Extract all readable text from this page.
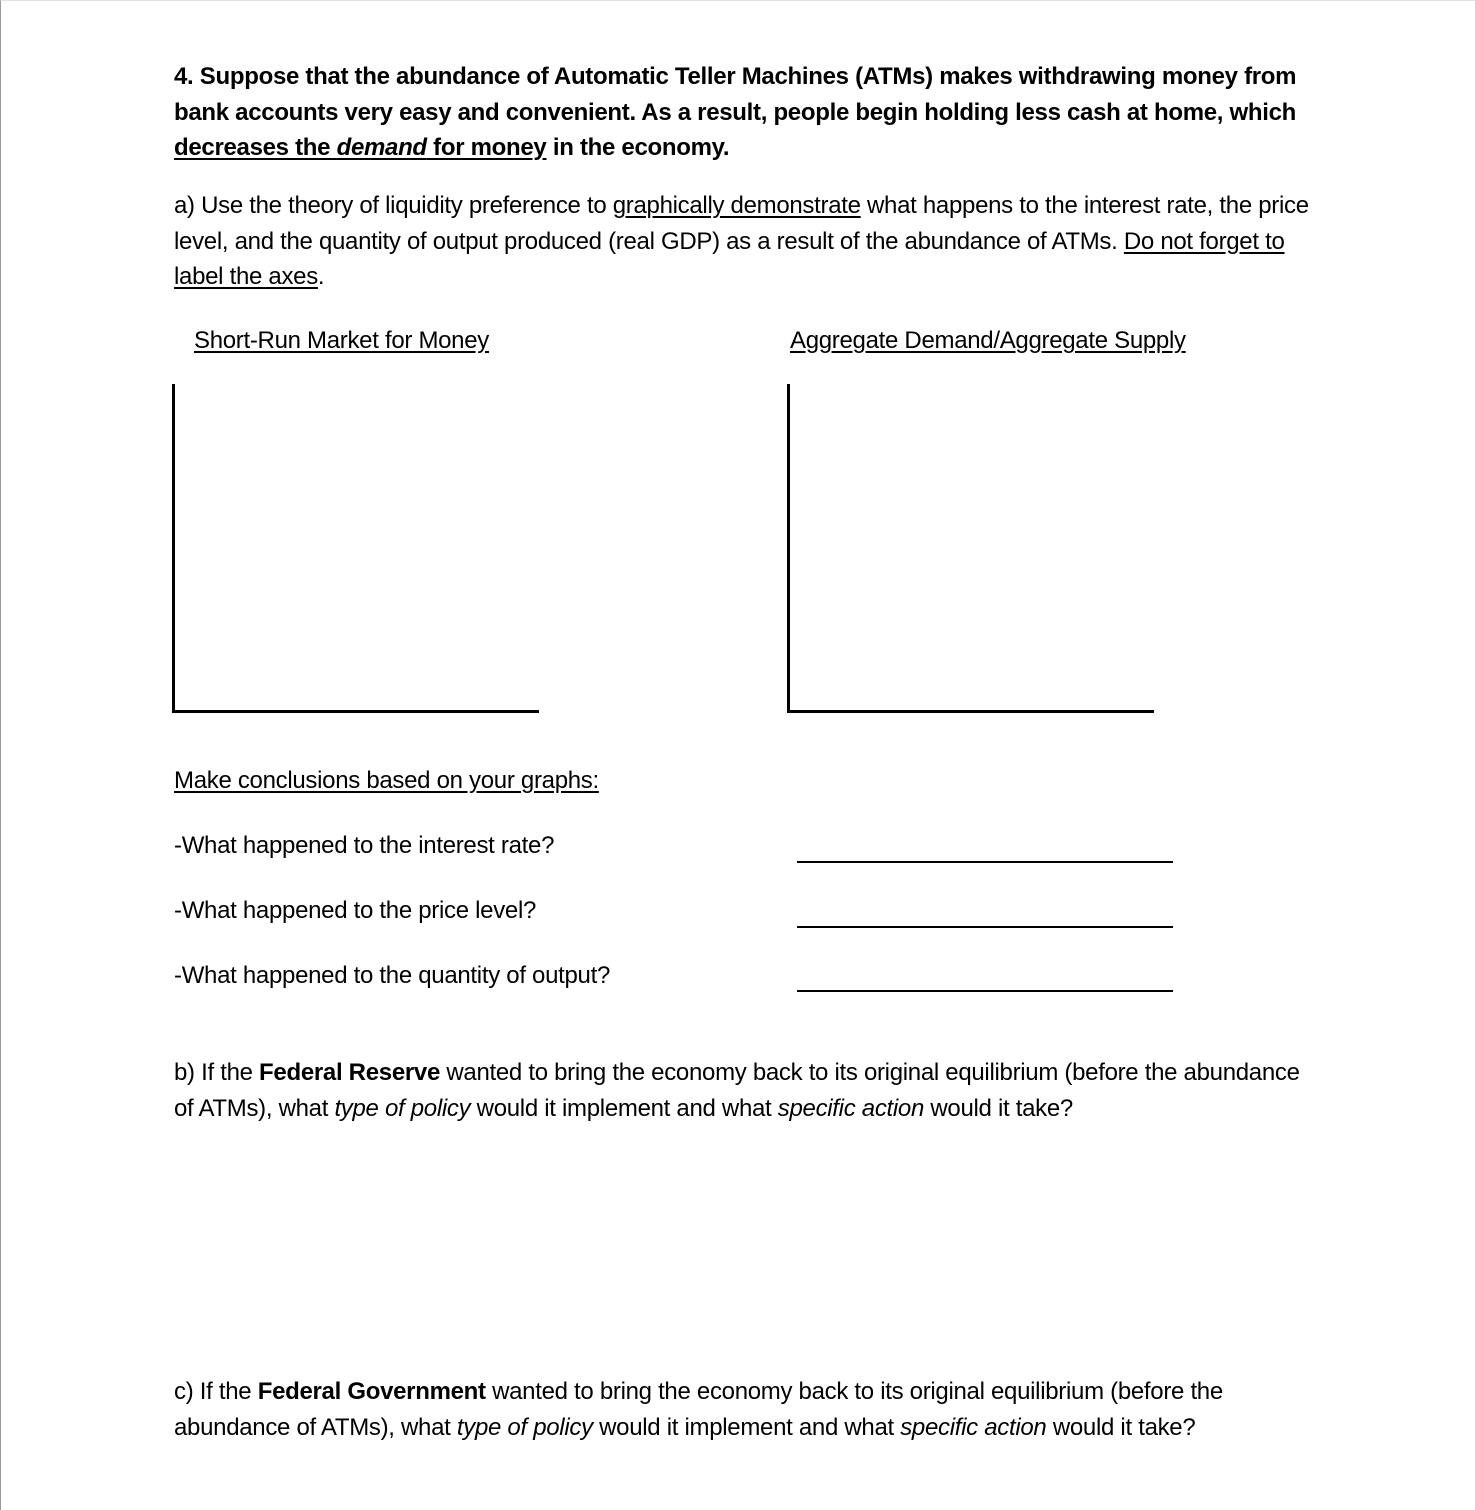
4. Suppose that the abundance of Automatic Teller Machines (ATMs) makes withdrawing money from bank accounts very easy and convenient. As a result, people begin holding less cash at home, which decreases the demand for money in the economy.
a) Use the theory of liquidity preference to graphically demonstrate what happens to the interest rate, the price level, and the quantity of output produced (real GDP) as a result of the abundance of ATMs. Do not forget to label the axes.
Short-Run Market for Money	Aggregate Demand/Aggregate Supply
Make conclusions based on your graphs:
-What happened to the interest rate?
-What happened to the price level?
-What happened to the quantity of output?
b) If the Federal Reserve wanted to bring the economy back to its original equilibrium (before the abundance of ATMs), what type of policy would it implement and what specific action would it take?
c) If the Federal Government wanted to bring the economy back to its original equilibrium (before the abundance of ATMs), what type of policy would it implement and what specific action would it take?
